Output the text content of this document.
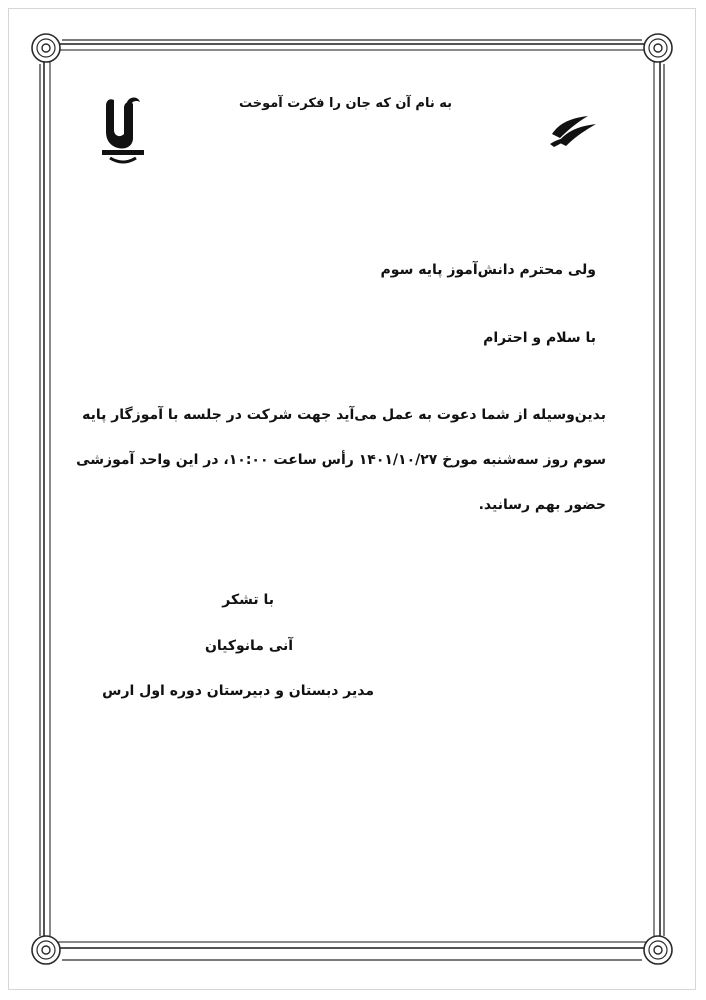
به نام آن که جان را فکرت آموخت
ولی محترم دانش‌آموز پایه سوم
با سلام و احترام
بدین‌وسیله از شما دعوت به عمل می‌آید جهت شرکت در جلسه با آموزگار پایه
سوم روز سه‌شنبه مورخ ۱۴۰۱/۱۰/۲۷ رأس ساعت ۱۰:۰۰، در این واحد آموزشی
حضور بهم رسانید.
با تشکر
آنی مانوکیان
مدیر دبستان و دبیرستان دوره اول ارس
